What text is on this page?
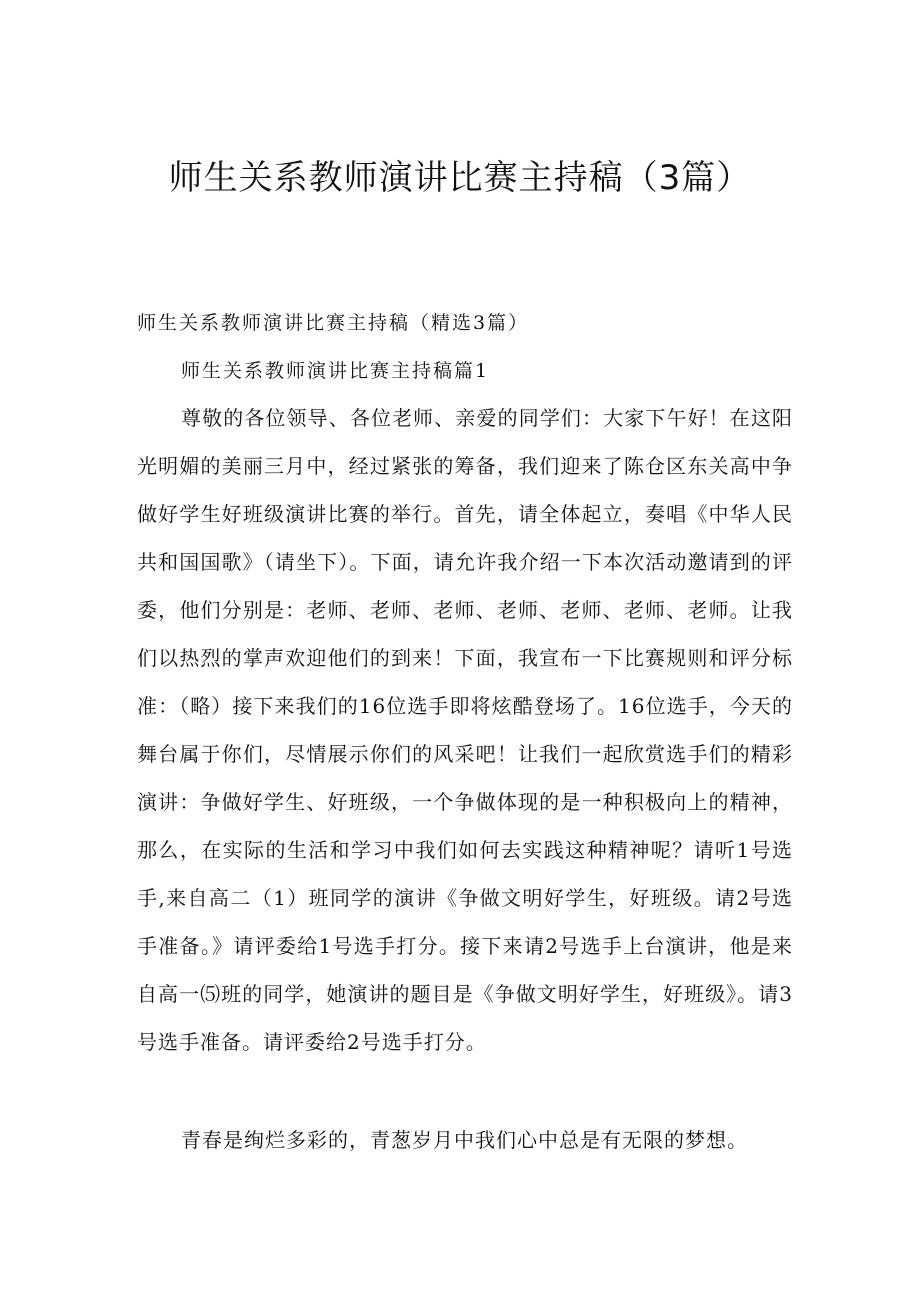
师生关系教师演讲比赛主持稿（3篇）

师生关系教师演讲比赛主持稿（精选3篇）

师生关系教师演讲比赛主持稿篇1

尊敬的各位领导、各位老师、亲爱的同学们：大家下午好！在这阳光明媚的美丽三月中，经过紧张的筹备，我们迎来了陈仓区东关高中争做好学生好班级演讲比赛的举行。首先，请全体起立，奏唱《中华人民共和国国歌》（请坐下）。下面，请允许我介绍一下本次活动邀请到的评委，他们分别是：老师、老师、老师、老师、老师、老师、老师。让我们以热烈的掌声欢迎他们的到来！下面，我宣布一下比赛规则和评分标准：（略）接下来我们的16位选手即将炫酷登场了。16位选手，今天的舞台属于你们，尽情展示你们的风采吧！让我们一起欣赏选手们的精彩演讲：争做好学生、好班级，一个争做体现的是一种积极向上的精神，那么，在实际的生活和学习中我们如何去实践这种精神呢？请听1号选手,来自高二（1）班同学的演讲《争做文明好学生，好班级。请2号选手准备。》请评委给1号选手打分。接下来请2号选手上台演讲，他是来自高一⑸班的同学，她演讲的题目是《争做文明好学生，好班级》。请3号选手准备。请评委给2号选手打分。

青春是绚烂多彩的，青葱岁月中我们心中总是有无限的梦想。
